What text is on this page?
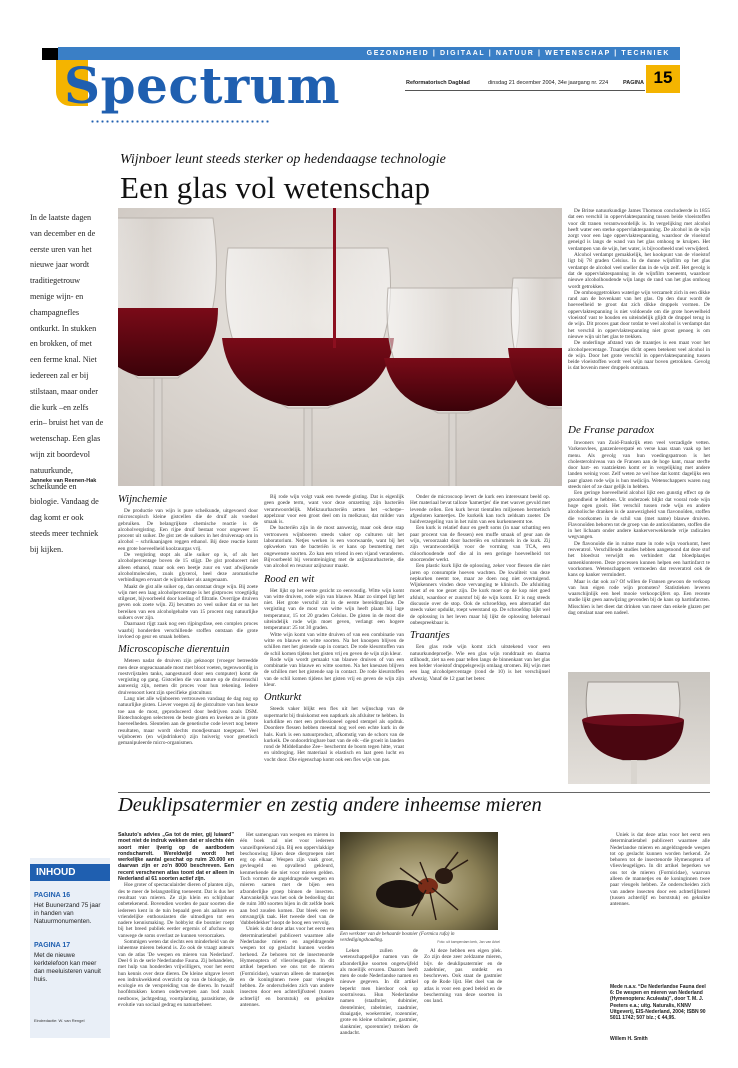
GEZONDHEID | DIGITAAL | NATUUR | WETENSCHAP | TECHNIEK
Spectrum	Reformatorisch Dagblad	dinsdag 21 december 2004, 34e jaargang nr. 224	PAGINA 15
Wijnboer leunt steeds sterker op hedendaagse technologie
Een glas vol wetenschap
In de laatste dagen van december en de eerste uren van het nieuwe jaar wordt traditiegetrouw menige wijn- en champagnefles ontkurkt. In stukken en brokken, of met een ferme knal. Niet iedereen zal er bij stilstaan, maar onder die kurk –en zelfs erin– bruist het van de wetenschap. Een glas wijn zit boordevol natuurkunde, scheikunde en biologie. Vandaag de dag komt er ook steeds meer techniek bij kijken.
Janneke van Reenen-Hak
Wijnchemie

De productie van wijn is pure scheikunde, uitgevoerd door microscopisch kleine gistcellen die de druif als voedsel gebruiken. De belangrijkste chemische reactie is de alcoholvergisting. Een rijpe druif bestaat voor ongeveer 15 procent uit suiker. De gist zet de suikers in het druivensap om in alcohol – schrikaanjagen reggen ethanol. Bij deze reactie komt een grote hoeveelheid koolzuurgas vrij.

De vergisting stopt als alle suiker op is, of als het alcoholpercentage boven de 15 stijgt. De gist produceert niet alleen ethanol, maar ook een beetje zuur en vast afwijkende alcoholmoleculen, zoals glycerol, heel deze aromatische verbindingen ervaart de wijndrinker als aangenaam.

Maakt de gist alle suiker op, dan ontstaat droge wijn. Bij zoete wijn met een laag alcoholpercentage is het gistproces vroegtijdig stilgezet, bijvoorbeeld door koeling of filtratie. Overrijpe druiven geven ook zoete wijn. Zij bevatten zo veel suiker dat er na het bereiken van een alcoholgehalte van 15 procent nog natuurlijke suikers over zijn.

Daarnaast rijgt zaak nog een rijpingsfase, een complex proces waarbij honderden verschillende stoffen ontstaan die grote invloed op geur en smaak hebben.

Microscopische dierentuin

Meteen nadat de druiven zijn geknoopt (vroeger betreedde men deze ongeacnaanade most met bloot voeten, tegenwoordig in roestvrijstalen tanks, aangestuurd door een computer) komt de vergisting op gang. Gistcellen die van nature op de druivenschil aanwezig zijn, nemen dit proces voor hun rekening. Iedere druivensoort kent zijn specifieke gistcultuur.

Lang niet alle wijnboeren vertrouwen vandaag de dag nog op natuurlijke gisten. Liever voegen zij de gistculture van hun keuze toe aan de most, geproduceerd door bedrijven zoals DSM. Biotechnologen selecteren de beste gisten en kweken ze in grote hoeveelheden. Sleutelen aan de genetische code levert nog betere resultaten, maar wordt slechts mondjesmaat toegepast. Veel wijnboeren (en wijndrinkers) zijn huiverig voor genetisch gemanipuleerde micro-organismen.

Bij rode wijn volgt vaak een tweede gisting. Dat is eigenlijk geen goede term, want voor deze omzetting zijn bacteriën verantwoordelijk. Melkzuurbacteriën zetten het –scherpe– appelzuur voor een groot deel om in melkzuur, dat milder van smaak is.

De bacteriën zijn in de most aanwezig, maar ook deze stap vertrouwen wijnboeren steeds vaker op culturen uit het laboratorium. Netjes werken is een voorwaarde, want bij het opkweken van de bacteriën is er kans op besmetting met ongewenste soorten. Zo kan een vriend in een vijand veranderen. Bijvoorbeeld bij verontreiniging met de azijnzuurbacterie, die van alcohol en reuzuur azijnzuur maakt.

Rood en wit

Het lijkt op het eerste gezicht zo eenvoudig. Witte wijn komt van witte druiven, rode wijn van blauwe. Maar zo simpel ligt het niet. Het grote verschil zit in de eerste bereidingsfase. De vergisting van de most van witte wijn heeft plaats bij lage temperatuur, 15 tot 20 graden Celsius. De gisten in de most die uiteindelijk rode wijn moet geven, verlangt een hogere temperatuur: 25 tot 30 graden.

Witte wijn komt van witte druiven of van een combinatie van witte en blauwe en witte soorten. Na het knoopen blijven de schillen met het gistende sap in contact. De rode kleurstoffen van de schil komen tijdens het gisten vrij en geven de wijn zijn kleur.

Rode wijn wordt gemaakt van blauwe druiven of van een combinatie van blauwe en witte soorten. Na het kneuzen blijven de schillen met het gistende sap in contact. De rode kleurstoffen van de schil komen tijdens het gisten vrij en geven de wijn zijn kleur.

Ontkurkt

Steeds vaker blijkt een fles uit het wijnschap van de supermarkt bij thuiskomst een naptkurk als afsluiter te hebben. In kurkdikte en met een professioneel ogend stempel als opdruk. Doordere flessen hebben meestal nog wel een echte kurk in de hals. Kurk is een natuurproduct, afkomstig van de schors van de kurkeik. De ondoordringbare bast van de eik –die groeit in landen rond de Middellandse Zee– beschermt de boom tegen hitte, vraat en uitdroging. Het materiaal is elastisch en laat geen lucht en vocht door. Die eigenschap komt ook een fles wijn van pas.

Onder de microscoop levert de kurk een interessant beeld op. Het materiaal bevat talloze 'kamertjes' die met wasvet gevuld met levende cellen. Een kurk bevat tientallen miljoenen hermetisch afgesloten kamertjes. De kurkeik kan toch zeldsam zoeter. De huidverzegeling van in het ruim van een kurkenneemt toe.

Een kurk is relatief duur en geeft soms (in naar schatting een paar procent van de flessen) een muffe smaak of geur aan de wijn, veroorzaakt door bacteriën en schimmels in de kurk. Zij zijn verantwoordelijk voor de vorming van TCA, een chloorhoudende stof die al in een geringe hoeveelheid tot stoorzender werkt.

Een plastic kurk lijkt de oplossing, zeker voor flessen die niet jaren op consumptie hoeven wachten. De kwaliteit van deze nepkurken neemt toe, maar ze doen nog niet overtuigend. Wijnkenners vinden deze vervanging te klinisch. De afsluiting moet af en toe gezet zijn. De kurk moet op de kop niet goed afsluit, waardoor er zuurstof bij de wijn komt. Er is nog steeds discussie over de stop. Ook de schroefdop, een alternatief dat steeds vaker opduikt, roept weerstand op. De schroefdop lijkt wel de oplossing in het leven maar hij lijkt de oplossing helemaal onbespreekbaar is.

Traantjes

Een glas rode wijn komt zich uitstekend voor een natuurkundeproefje. Wie een glas wijn ronddraait en daarna stilhoudt, ziet na een paar tellen langs de binnenkant van het glas een helder vloeistof druppelsgewijs omlaag stromen. Bij wijn met een laag alcoholpercentage (rond de 10) is het verschijnsel afwezig. Vanaf de 12 gaat het beter.

De Britse natuurkundige James Thomson concludeerde in 1855 dat een verschil in oppervlaktespanning tussen beide vloeistoffen voor dit tranen verantwoordelijk is. In vergelijking met alcohol heeft water een sterke oppervlaktespanning. De alcohol in de wijn zorgt voor een lage oppervlaktespanning, waardoor de vloeistof geneigd is langs de wand van het glas omhoog te kruipen. Het verdampen van de wijn, het water, is bijvoorbeeld snel verwijderd.

Alcohol verdampt gemakkelijk, het kookpunt van de vloeistof ligt bij 78 graden Celsius. In de dunne wijnfilm op het glas verdampt de alcohol veel sneller dan in de wijn zelf. Het gevolg is dat de oppervlaktespanning in de wijnfilm toeneemt, waardoor nieuwe alcoholhoudende wijn langs de rand van het glas omhoog wordt getrokken.

De omhooggetrokken waterige wijn verzamelt zich in een dikke rand aan de bovenkant van het glas. Op den duur wordt de hoeveelheid te groot dat zich dikke druppels vormen. De oppervlaktespanning is niet voldoende om die grote hoeveelheid vloeistof vast te houden en uiteindelijk glijdt de druppel terug in de wijn. Dit proces gaat door totdat te veel alcohol is verdampt dat het verschil in oppervlaktespanning niet groot genoeg is om nieuwe wijn uit het glas te trekken.

De onderlinge afstand van de traantjes is een maat voor het alcoholpercentage. Traantjes dicht opeen betekent veel alcohol in de wijn. Door het grote verschil in oppervlaktespanning tussen beide vloeistoffen wordt veel wijn naar boven getrokken. Gevolg is dat bovenin meer druppels ontstaan.

De Franse paradox

Inwoners van Zuid-Frankrijk eten veel verzadigde vetten. Varkensvlees, ganzenleverpaté en verse kaas staan vaak op het menu. Als gevolg van hun voedingspatroon is het cholesterolniveau van de Fransen aan de hoge kant, maar sterfte door hart- en vaatziekten komt er in vergelijking met andere landen weinig voor. Zelf weten ze wel hoe dat komt: dagelijks een paar glazen rode wijn is hun medicijn. Wetenschappers waren nog steeds niet of ze daar gelijk in hebben.

Een geringe hoeveelheid alcohol lijkt een gunstig effect op de gezondheid te hebben. Uit onderzoek blijkt dat vooral rode wijn hoge ogen gooit. Het verschil tussen rode wijn en andere alcoholische dranken is de aanwezigheid van flavonoïden, stoffen die voorkomen in de schil van (met name) blauwe druiven. Flavonoïden behoren tot de groep van de antioxidanten, stoffen die in het lichaam onder andere kankerverwekkende vrije radicalen wegvangen.

De flavonoïde die in ruime mate in rode wijn voorkomt, heet resveratrol. Verschillende studies hebben aangetoond dat deze stof het bloedvat verwijdt en verhindert dat bloedplaatjes samenklonteren. Deze processen kunnen helpen een hartinfarct te voorkomen. Wetenschappers vermoeden dat resveratrol ook de kans op kanker vermindert.

Maar is dat ook zo? Of willen de Fransen gewoon de verkoop van hun eigen rode wijn promoten? Statistieken leveren waarschijnlijk een heel mooie verkoopcijfers op. Een recente studie lijkt geen aanwijzing gevonden bij de kans op hartinfarcten. Misschien is het dieet dat drinken van meer dan enkele glazen per dag omslaat naar een nadeel.

Deuklipsatermier en zestig andere inheemse mieren

Saluuto's advies „Ga tot de mier, gij luiaard” moet niet de indruk wekken dat er slechts één soort mier ijverig op de aardbodem rondscharrelt. Wereldwijd wordt het werkelijke aantal geschat op ruim 20.000 en daarvan zijn er zo'n 8000 beschreven. Een recent verschenen atlas toont dat er alleen in Nederland al 61 soorten actief zijn.

Hoe groter of spectaculairder dieren of planten zijn, des te meer de belangstelling toeneemt. Dat is dus het resultaat van mieren. Ze zijn klein en schijnbaar onbetekenend. Bovendien worden de paar soorten die iedereen kent in de tuin bepaald geen als aaibare en vriendelijke enthousiasten die uitnodigen tot een nadere kennismaking. De hobbyist die bosmier roept bij het breed publiek eerder ergernis of afschuw op vanwege de soms overlast ze kunnen veroorzaken.

Sommigen weten dat slechts een minderheid van de inheemse mieren bekend is. Zo ook de vraagt auteurs van de atlas 'De wespen en mieren van Nederland'. Deel 6 in de serie Nederlandse Fauna. Zij behandelen, met hulp van honderden vrijwilligers, voor het eerst hun kennis over deze dieren. De kleine uitgave levert een indrukwekkend overzicht op van de biologie, de ecologie en de verspreiding van de dieren. In twaalf hoofdstukken komen onderwerpen aan bod zoals nestbouw, jachtgedrag, voortplanting, parasitisme, de evolutie van sociaal gedrag en natuurbeheer.

Het samengaan van wespen en mieren in één boek zal niet voor iedereen vanzelfsprekend zijn. Bij een oppervlakkige beschouwing lijken deze diergroepen niet erg op elkaar. Wespen zijn vaak groot, gevleugeld en opvallend gekleurd, kenmerkende die niet voor mieren gelden. Toch vormen de angeldragende wespen en mieren samen met de bijen een afzonderlijke groep binnen de insecten. Aanvankelijk was het ook de bedoeling dat de ruim 300 soorten bijen in dit zelfde boek aan bod zouden komen. Dat bleek een te omvangrijk taak. Het tweede deel van de 'dubbeldekker' hoopt de boog een vervolg.

Uniek is dat deze atlas voor het eerst een determinatietabel publiceert waarmee alle Nederlandse mieren en angeldragende wespen tot op geslacht kunnen worden herkend. Ze behoren tot de insectenorde Hymenoptera of vliesvleugeligen. In dit artikel beperken we ons tot de mieren (Formicidae), waarvan alleen de mannetjes en de koninginnen twee paar vleugels hebben. Ze onderscheiden zich van andere insecten door een achterlijfssteel (tussen achterlijf en borststuk) en gekniktе antennes.

Een werkster van de behaarde bosmier (Formica rufa) in verdedigingshouding.	Foto: uit kamperdam kerk, Jan van Arkel

Leken zullen de wetenschappelijke namen van de afzonderlijke soorten ongetwijfeld als moeilijk ervaren. Daarom heeft men de oude Nederlandse namen en nieuwe gegeven. In dit artikel beperkt men hierdoor ook op soortniveau. Hun Nederlandse namen (staafmier, dubimier, drentelmier, rabelmier, zaadmier, draaigatje, woekermier, rozenmier, grote en kleine schubmier, gastmier, slankmier, sporenmier) trekken de aandacht.

Al deze hebben een eigen plek. Zo zijn deze zeer zeldzame mieren, bijv. de deuklipsatermier en de zadelmier, pas ontdekt en beschreven. Ook staat de gastmier op de Rode lijst. Het doel van de atlas is voor een goed beleid en de bescherming van deze soorten in ons land.

Uniek is dat deze atlas voor het eerst een determinatietabel publiceert waarmee alle Nederlandse mieren en angeldragende wespen tot op geslacht kunnen worden herkend. Ze behoren tot de insectenorde Hymenoptera of vliesvleugeligen. In dit artikel beperken we ons tot de mieren (Formicidae), waarvan alleen de mannetjes en de koninginnen twee paar vleugels hebben. Ze onderscheiden zich van andere insecten door een achterlijfssteel (tussen achterlijf en borststuk) en gekniktе antennes.

Mede n.a.v. “De Nederlandse Fauna deel 6: De wespen en mieren van Nederland (Hymenoptera: Aculeata)”, door T. M. J. Peeters e.a.; uitg. Naturalis, KNNV Uitgeverij, EIS-Nederland, 2004; ISBN 90 5011 1742; 507 blz.; € 44,95.
Willem H. Smith
INHOUD
PAGINA 16
Het Buunerzand 75 jaar in handen van Natuurmonumenten.
PAGINA 17
Met de nieuwe kerktelefoon kan meer dan meeluisteren vanuit huis.
Eindredactie: W. van Rengel
